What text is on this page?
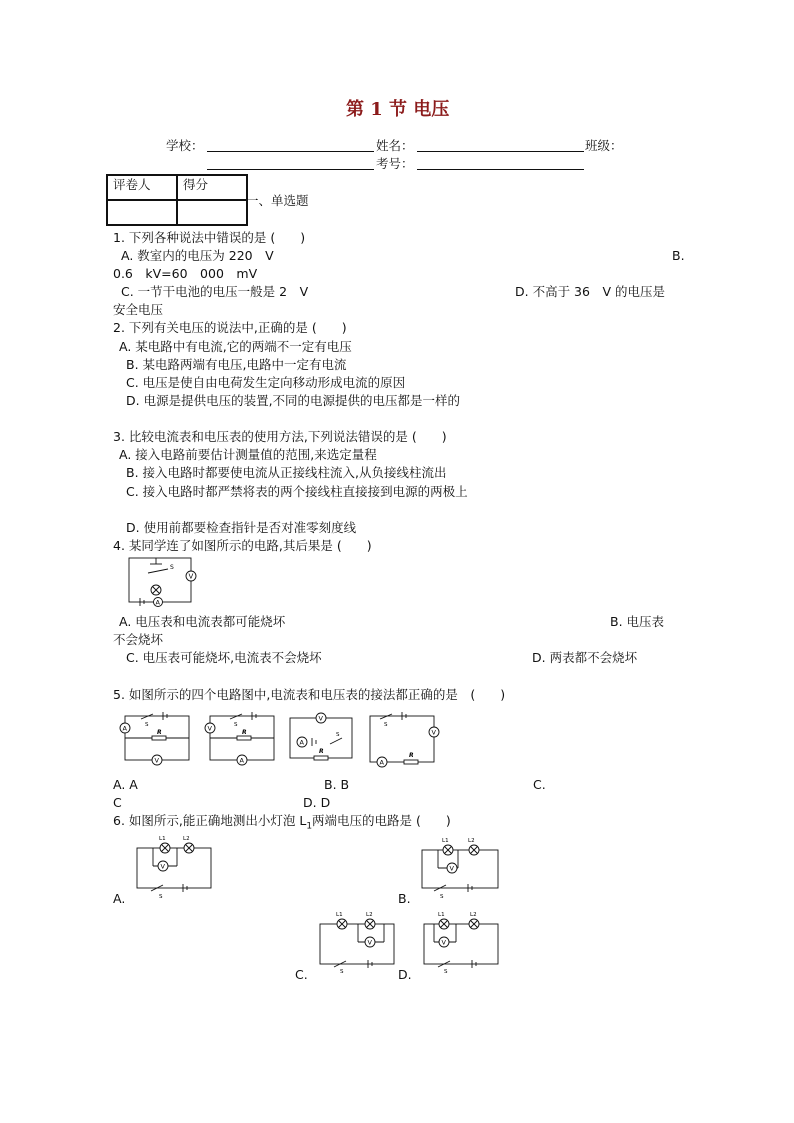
第 1 节 电压
学校：	姓名：	班级：
考号：
评卷人	得分

一、单选题
1. 下列各种说法中错误的是 (　　)
A. 教室内的电压为 220　V	B.
0.6　kV=60　000　mV
C. 一节干电池的电压一般是 2　V	D. 不高于 36　V 的电压是
安全电压
2. 下列有关电压的说法中,正确的是 (　　)
A. 某电路中有电流,它的两端不一定有电压
B. 某电路两端有电压,电路中一定有电流
C. 电压是使自由电荷发生定向移动形成电流的原因
D. 电源是提供电压的装置,不同的电源提供的电压都是一样的
3. 比较电流表和电压表的使用方法,下列说法错误的是 (　　)
A. 接入电路前要估计测量值的范围,来选定量程
B. 接入电路时都要使电流从正接线柱流入,从负接线柱流出
C. 接入电路时都严禁将表的两个接线柱直接接到电源的两极上
D. 使用前都要检查指针是否对准零刻度线
4. 某同学连了如图所示的电路,其后果是 (　　)
V
A
S
A. 电压表和电流表都可能烧坏	B. 电压表
不会烧坏
C. 电压表可能烧坏,电流表不会烧坏	D. 两表都不会烧坏
5. 如图所示的四个电路图中,电流表和电压表的接法都正确的是　(　　)
A
V
R
S	V
A
R
S
V
A
R
S	V
A
R
S
A. A	B. B	C.
C	D. D
6. 如图所示,能正确地测出小灯泡 $L_1$两端电压的电路是 (　　)
V
L1	L2
S
A.
V
L1	L2
S
B.
V
L1	L2
S
C.
V
L1	L2
S
D.
